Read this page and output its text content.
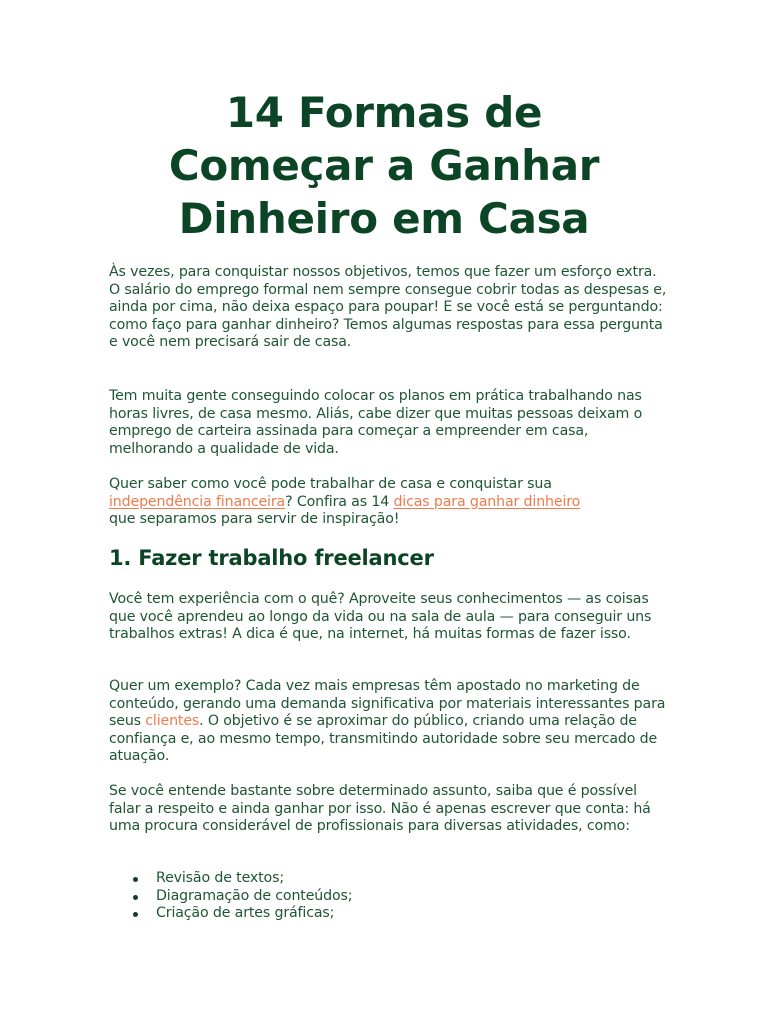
14 Formas de
Começar a Ganhar
Dinheiro em Casa

Às vezes, para conquistar nossos objetivos, temos que fazer um esforço extra. O salário do emprego formal nem sempre consegue cobrir todas as despesas e, ainda por cima, não deixa espaço para poupar! E se você está se perguntando: como faço para ganhar dinheiro? Temos algumas respostas para essa pergunta e você nem precisará sair de casa.

Tem muita gente conseguindo colocar os planos em prática trabalhando nas horas livres, de casa mesmo. Aliás, cabe dizer que muitas pessoas deixam o emprego de carteira assinada para começar a empreender em casa, melhorando a qualidade de vida.

Quer saber como você pode trabalhar de casa e conquistar sua independência financeira? Confira as 14 dicas para ganhar dinheiro que separamos para servir de inspiração!

1. Fazer trabalho freelancer

Você tem experiência com o quê? Aproveite seus conhecimentos — as coisas que você aprendeu ao longo da vida ou na sala de aula — para conseguir uns trabalhos extras! A dica é que, na internet, há muitas formas de fazer isso.

Quer um exemplo? Cada vez mais empresas têm apostado no marketing de conteúdo, gerando uma demanda significativa por materiais interessantes para seus clientes. O objetivo é se aproximar do público, criando uma relação de confiança e, ao mesmo tempo, transmitindo autoridade sobre seu mercado de atuação.

Se você entende bastante sobre determinado assunto, saiba que é possível falar a respeito e ainda ganhar por isso. Não é apenas escrever que conta: há uma procura considerável de profissionais para diversas atividades, como:

Revisão de textos;
Diagramação de conteúdos;
Criação de artes gráficas;
